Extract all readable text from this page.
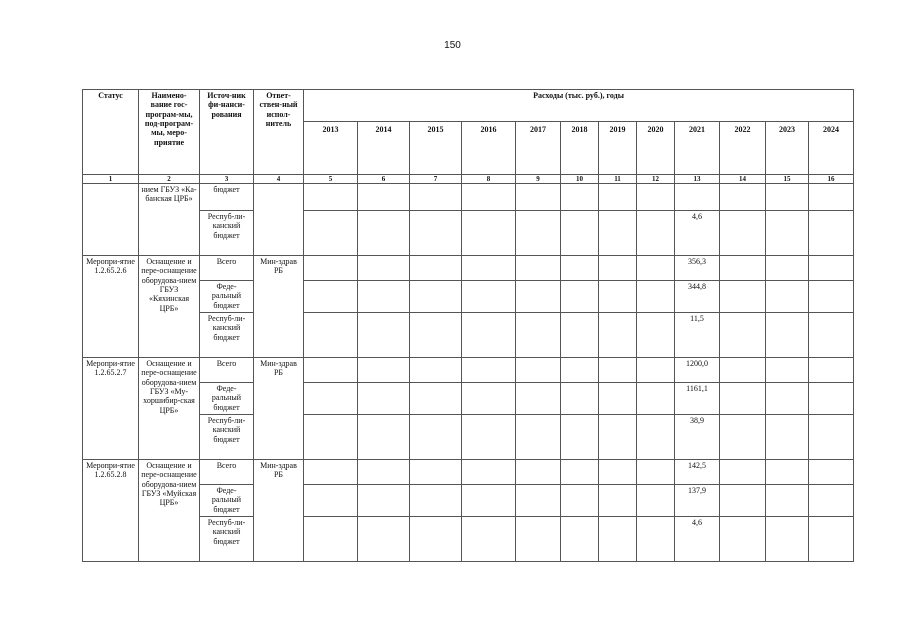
150
Статус	Наимено-вание гос-програм-мы, под-програм-мы, меро-приятие	Источ-ник фи-нанси-рования	Ответ-ствен-ный испол-нитель	Расходы (тыс. руб.), годы											
				2013	2014	2015	2016	2017	2018	2019	2020	2021	2022	2023	2024
1	2	3	4	5	6	7	8	9	10	11	12	13	14	15	16
	нием ГБУЗ «Ка-банская ЦРБ»	бюджет													
		Респуб-ли-канский бюджет										4,6			
Меропри-ятие 1.2.65.2.6	Оснащение и пере-оснащение оборудова-нием ГБУЗ «Кяхинская ЦРБ»	Всего	Мин-здрав РБ									356,3			
		Феде-ральный бюджет										344,8			
		Респуб-ли-канский бюджет										11,5			
Меропри-ятие 1.2.65.2.7	Оснащение и пере-оснащение оборудова-нием ГБУЗ «Му-хоршибир-ская ЦРБ»	Всего	Мин-здрав РБ									1200,0			
		Феде-ральный бюджет										1161,1			
		Респуб-ли-канский бюджет										38,9			
Меропри-ятие 1.2.65.2.8	Оснащение и пере-оснащение оборудова-нием ГБУЗ «Муйская ЦРБ»	Всего	Мин-здрав РБ									142,5			
		Феде-ральный бюджет										137,9			
		Респуб-ли-канский бюджет										4,6			
